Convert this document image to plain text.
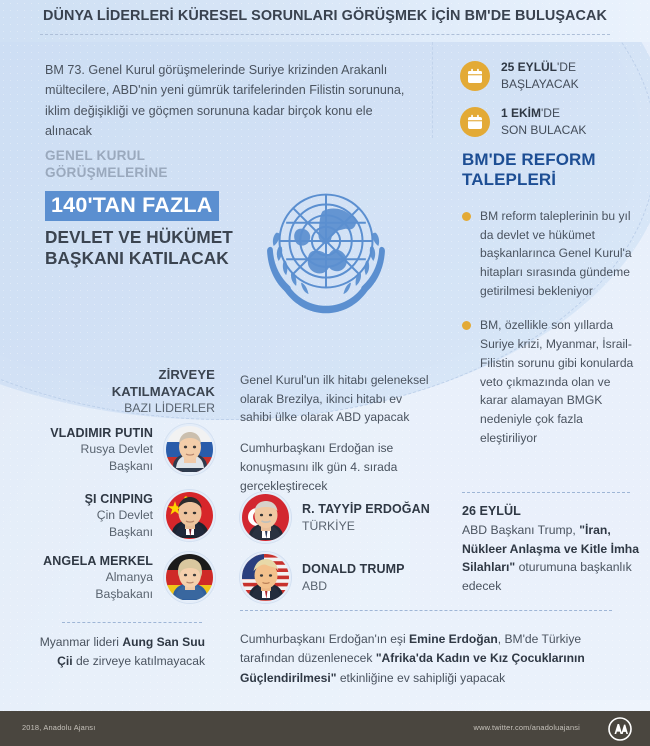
DÜNYA LİDERLERİ KÜRESEL SORUNLARI GÖRÜŞMEK İÇİN BM'DE BULUŞACAK
BM 73. Genel Kurul görüşmelerinde Suriye krizinden Arakanlı mültecilere, ABD'nin yeni gümrük tarifelerinden Filistin sorununa, iklim değişikliği ve göçmen sorununa kadar birçok konu ele alınacak
25 EYLÜL'DE
BAŞLAYACAK
1 EKİM'DE
SON BULACAK
GENEL KURUL
GÖRÜŞMELERİNE
140'TAN FAZLA
DEVLET VE HÜKÜMET
BAŞKANI KATILACAK
BM'DE REFORM
TALEPLERİ

BM reform taleplerinin bu yıl da devlet ve hükümet başkanlarınca Genel Kurul'a hitapları sırasında gündeme getirilmesi bekleniyor

BM, özellikle son yıllarda Suriye krizi, Myanmar, İsrail-Filistin sorunu gibi konularda veto çıkmazında olan ve karar alamayan BMGK nedeniyle çok fazla eleştiriliyor

26 EYLÜL
ABD Başkanı Trump, "İran, Nükleer Anlaşma ve Kitle İmha Silahları" oturumuna başkanlık edecek
ZİRVEYE
KATILMAYACAK
BAZI LİDERLER
VLADIMIR PUTIN
Rusya Devlet
Başkanı
ŞI CINPING
Çin Devlet
Başkanı
ANGELA MERKEL
Almanya
Başbakanı

Genel Kurul'un ilk hitabı geleneksel olarak Brezilya, ikinci hitabı ev sahibi ülke olarak ABD yapacak

Cumhurbaşkanı Erdoğan ise konuşmasını ilk gün 4. sırada gerçekleştirecek

R. TAYYİP ERDOĞAN
TÜRKİYE
DONALD TRUMP
ABD
Myanmar lideri Aung San Suu Çii de zirveye katılmayacak
Cumhurbaşkanı Erdoğan'ın eşi Emine Erdoğan, BM'de Türkiye tarafından düzenlenecek "Afrika'da Kadın ve Kız Çocuklarının Güçlendirilmesi" etkinliğine ev sahipliği yapacak
2018, Anadolu Ajansı	www.twitter.com/anadoluajansi
